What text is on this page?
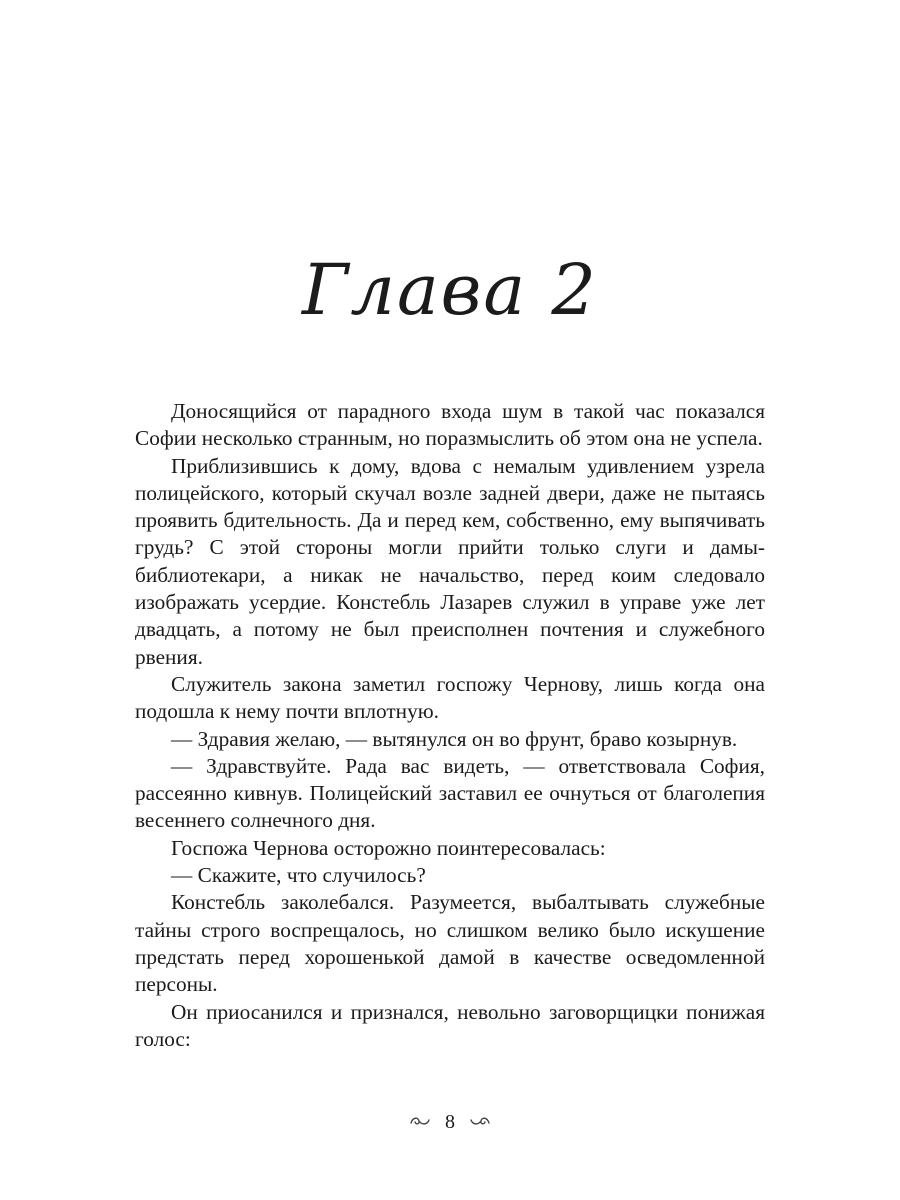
Глава 2

Доносящийся от парадного входа шум в такой час показался Софии несколько странным, но поразмыслить об этом она не успела.

Приблизившись к дому, вдова с немалым удивлением узрела полицейского, который скучал возле задней двери, даже не пытаясь проявить бдительность. Да и перед кем, собственно, ему выпячивать грудь? С этой стороны могли прийти только слуги и дамы-библиотекари, а никак не начальство, перед коим следовало изображать усердие. Констебль Лазарев служил в управе уже лет двадцать, а потому не был преисполнен почтения и служебного рвения.

Служитель закона заметил госпожу Чернову, лишь когда она подошла к нему почти вплотную.

— Здравия желаю, — вытянулся он во фрунт, браво козырнув.

— Здравствуйте. Рада вас видеть, — ответствовала София, рассеянно кивнув. Полицейский заставил ее очнуться от благолепия весеннего солнечного дня.

Госпожа Чернова осторожно поинтересовалась:

— Скажите, что случилось?

Констебль заколебался. Разумеется, выбалтывать служебные тайны строго воспрещалось, но слишком велико было искушение предстать перед хорошенькой дамой в качестве осведомленной персоны.

Он приосанился и признался, невольно заговорщицки понижая голос:

8
